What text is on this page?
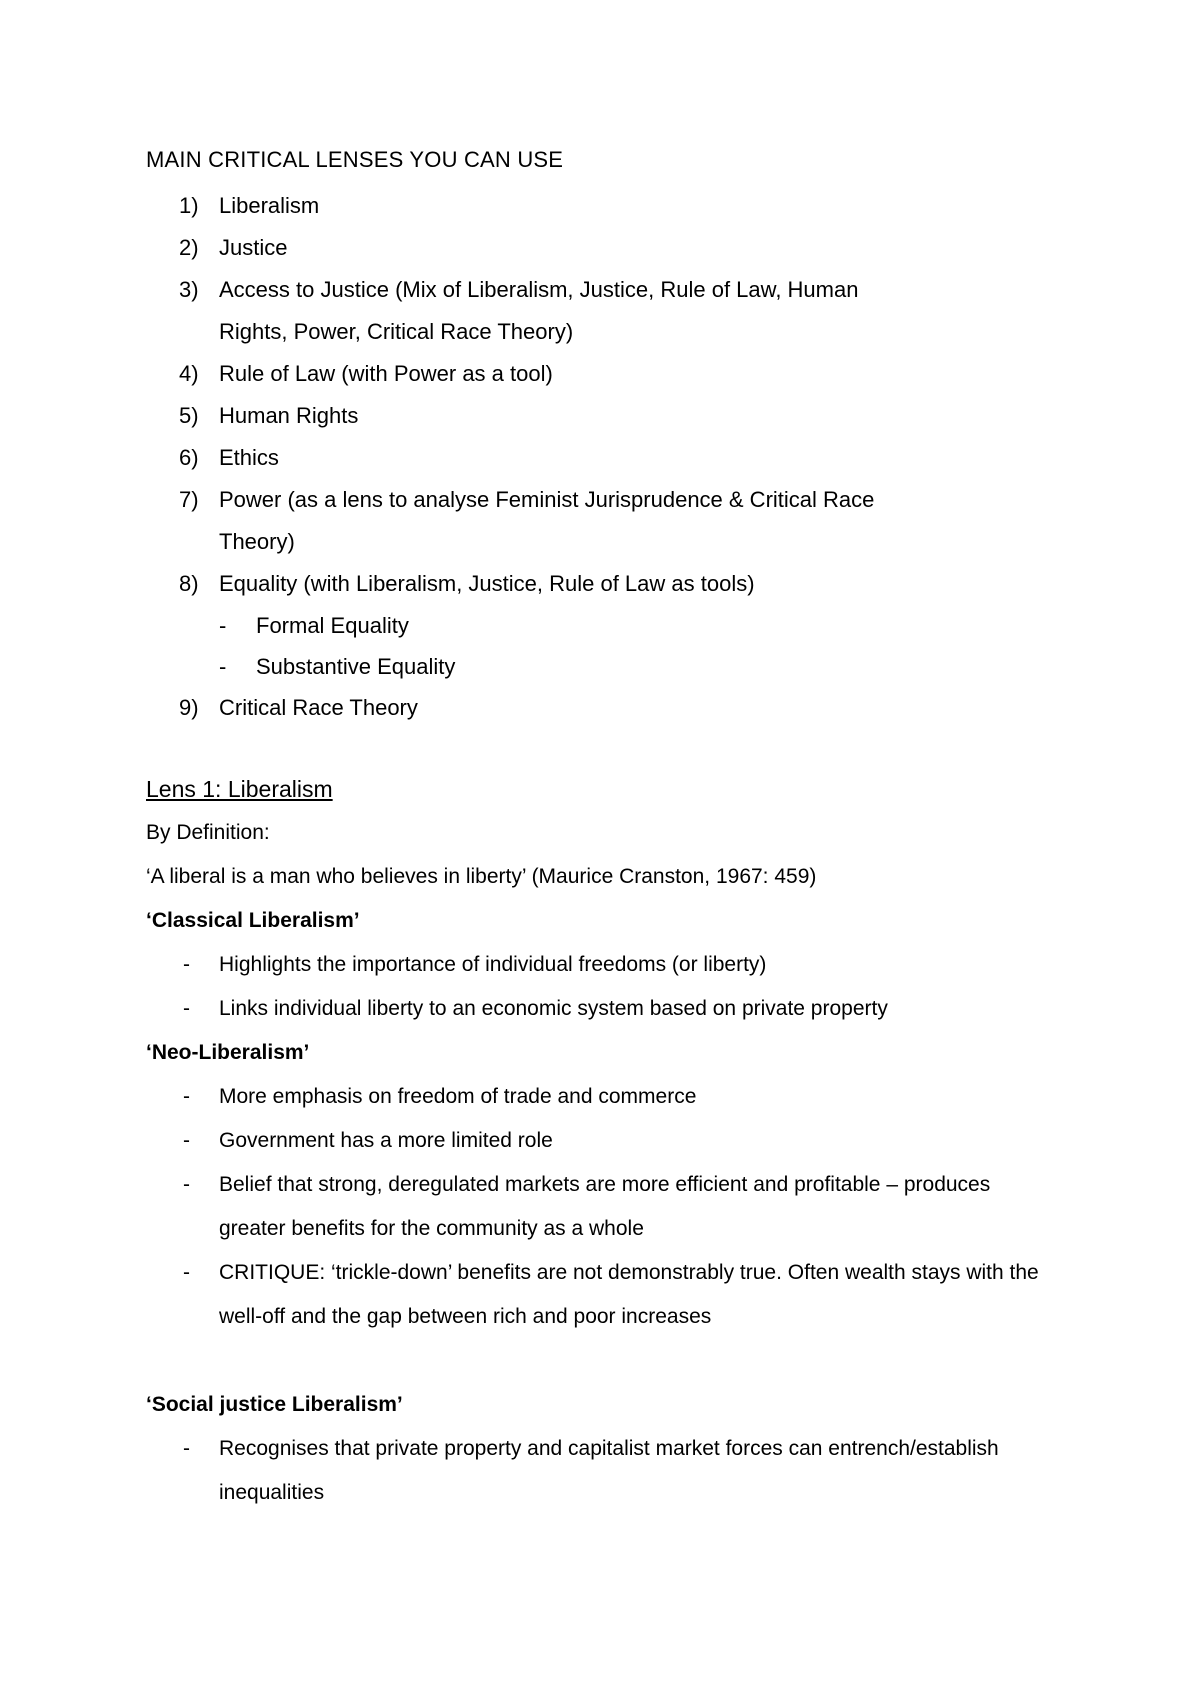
MAIN CRITICAL LENSES YOU CAN USE
1) Liberalism
2) Justice
3) Access to Justice (Mix of Liberalism, Justice, Rule of Law, Human Rights, Power, Critical Race Theory)
4) Rule of Law (with Power as a tool)
5) Human Rights
6) Ethics
7) Power (as a lens to analyse Feminist Jurisprudence & Critical Race Theory)
8) Equality (with Liberalism, Justice, Rule of Law as tools)
- Formal Equality
- Substantive Equality
9) Critical Race Theory
Lens 1: Liberalism
By Definition:
‘A liberal is a man who believes in liberty’ (Maurice Cranston, 1967: 459)
‘Classical Liberalism’
- Highlights the importance of individual freedoms (or liberty)
- Links individual liberty to an economic system based on private property
‘Neo-Liberalism’
- More emphasis on freedom of trade and commerce
- Government has a more limited role
- Belief that strong, deregulated markets are more efficient and profitable – produces greater benefits for the community as a whole
- CRITIQUE: ‘trickle-down’ benefits are not demonstrably true. Often wealth stays with the well-off and the gap between rich and poor increases
‘Social justice Liberalism’
- Recognises that private property and capitalist market forces can entrench/establish inequalities
